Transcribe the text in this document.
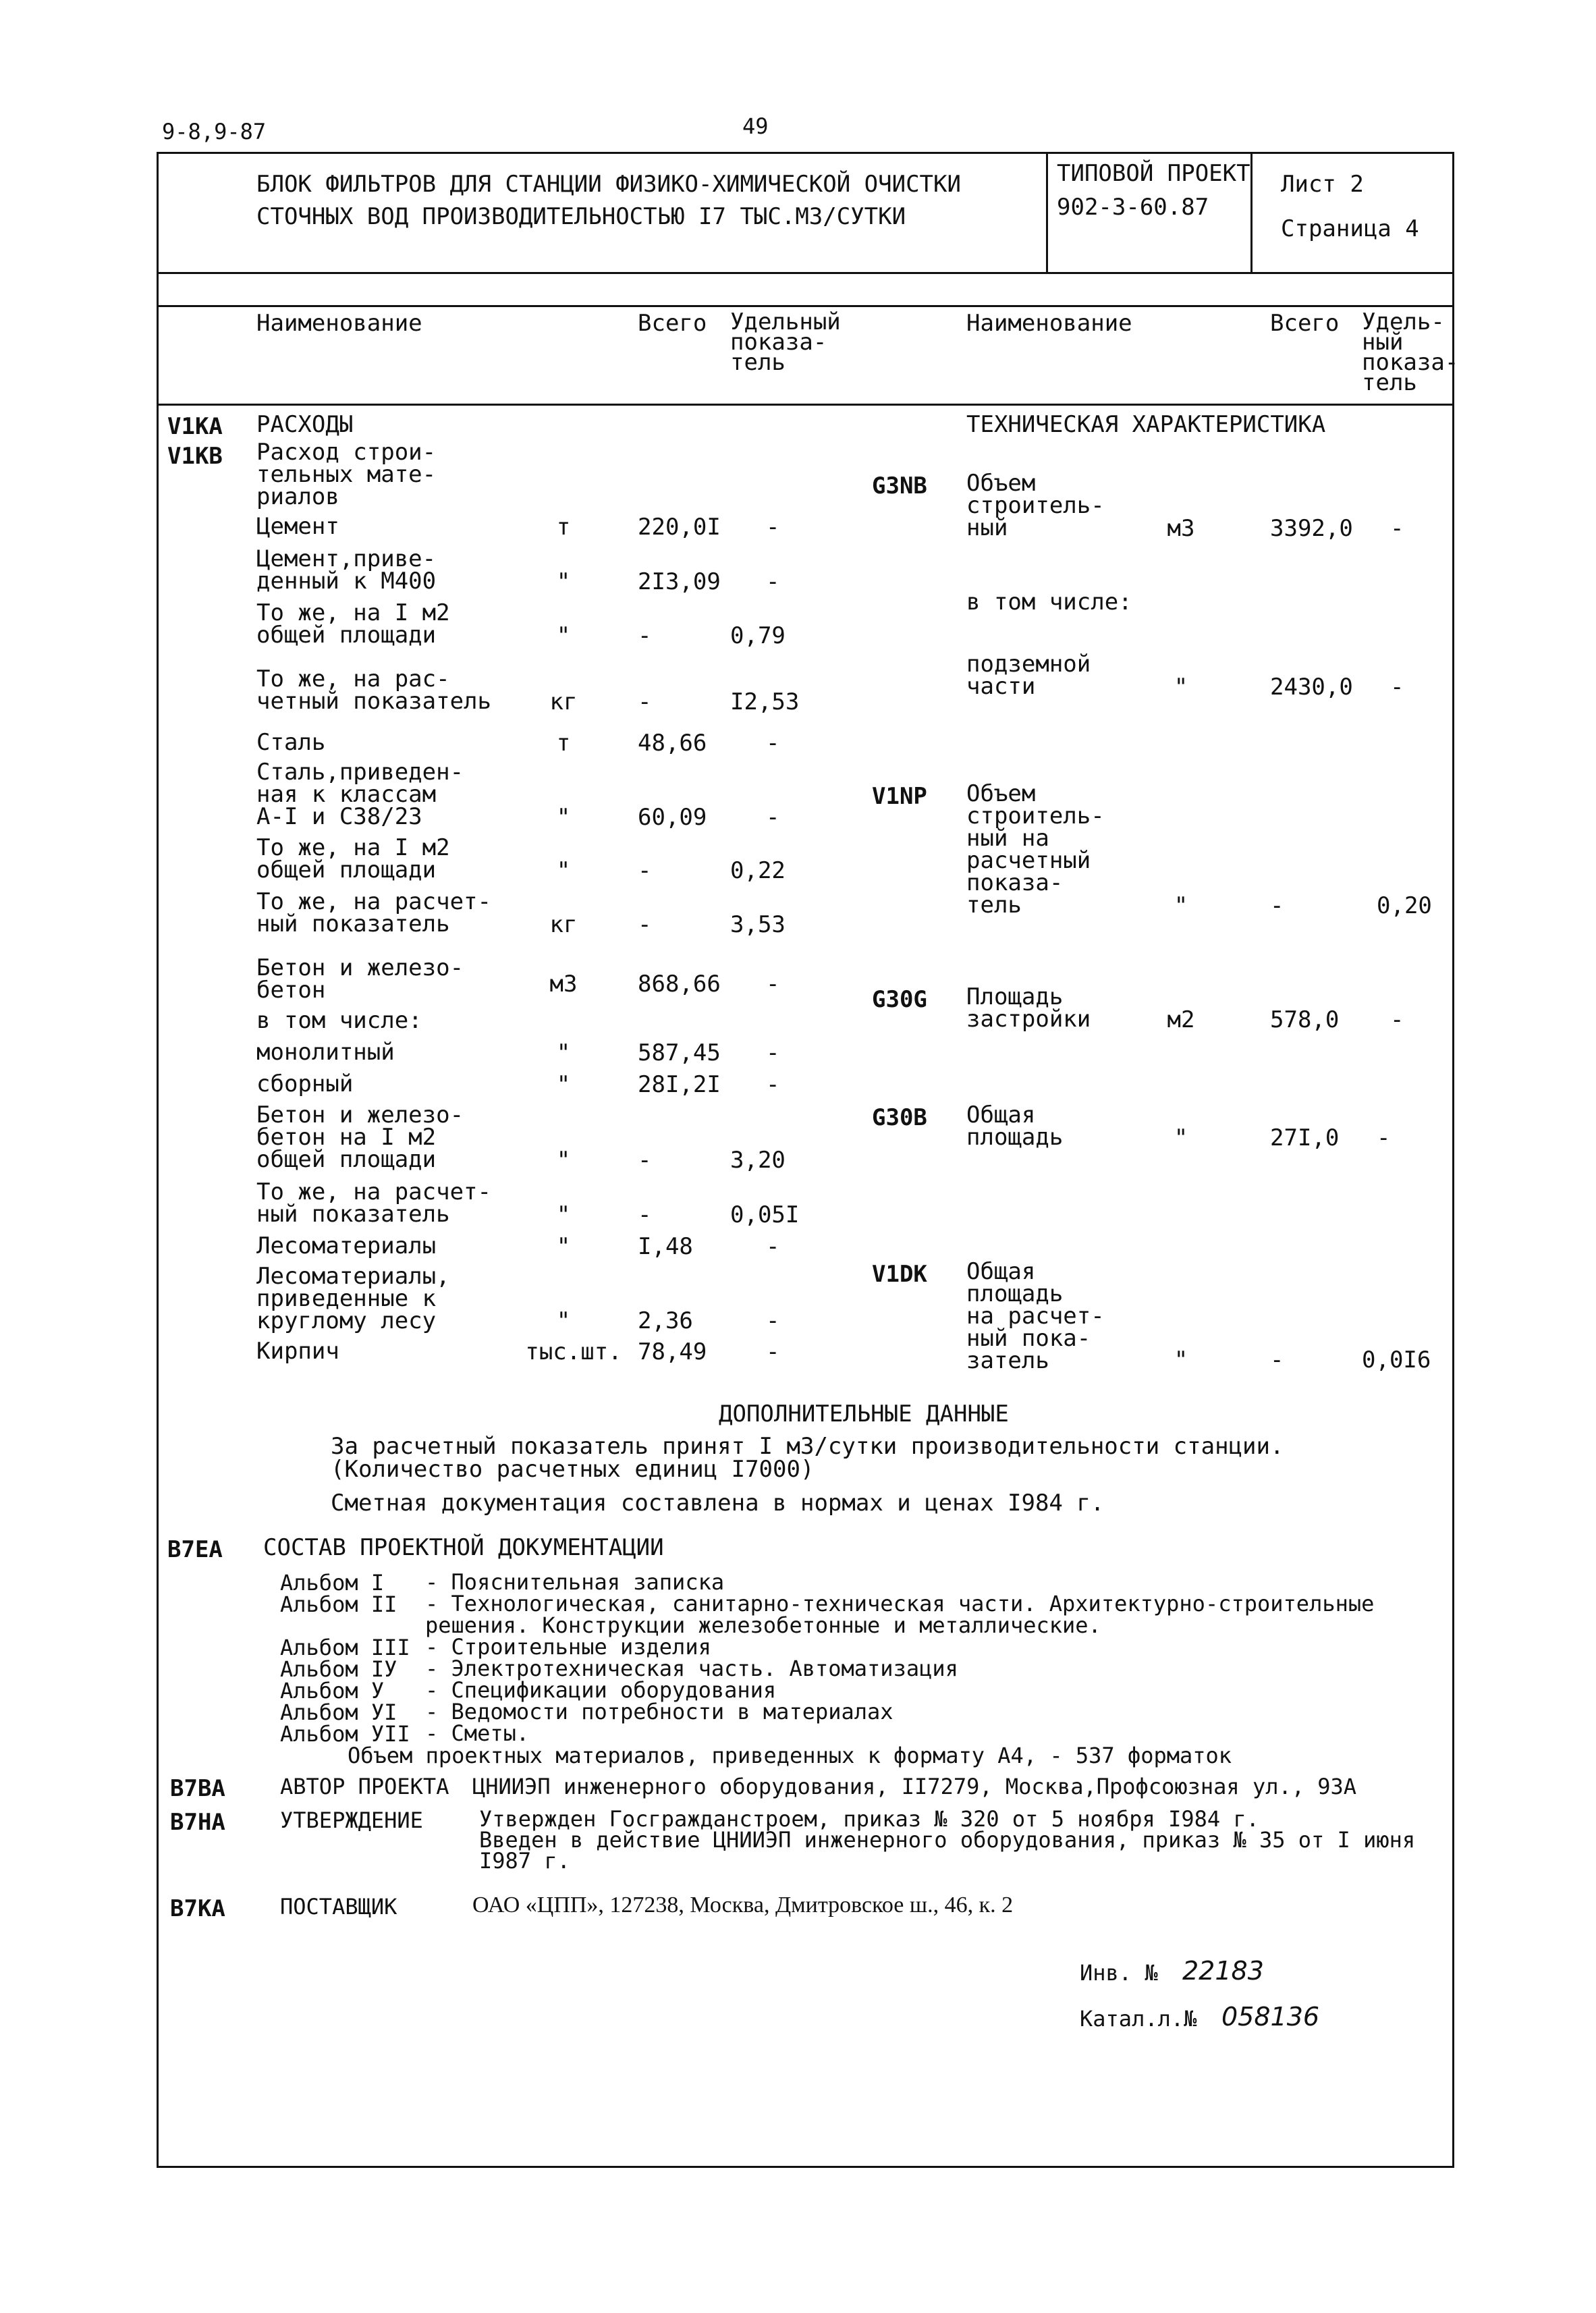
9-8,9-87	49
БЛОК ФИЛЬТРОВ ДЛЯ СТАНЦИИ ФИЗИКО-ХИМИЧЕСКОЙ ОЧИСТКИ
СТОЧНЫХ ВОД ПРОИЗВОДИТЕЛЬНОСТЬЮ I7 ТЫС.М3/СУТКИ
ТИПОВОЙ ПРОЕКТ
902-3-60.87
Лист 2
Страница 4
Наименование	Всего Удельный
показа-
тель
Наименование	Всего Удель-
ный
показа-
тель
V1KA
V1KB
РАСХОДЫ
Расход строи-
тельных мате-
риалов
Цемент	т	220,0I -
Цемент,приве-
денный к М400	"	2I3,09 -
То же, на I м2
общей площади	"	-	0,79
То же, на рас-
четный показатель	кг	-	I2,53
Сталь	т	48,66	-
Сталь,приведен-
ная к классам
А-I и С38/23	"	60,09	-
То же, на I м2
общей площади	"	-	0,22
То же, на расчет-
ный показатель	кг	-	3,53
Бетон и железо-
бетон	м3	868,66 -
в том числе:
монолитный	"	587,45 -
сборный	"	28I,2I -
Бетон и железо-
бетон на I м2
общей площади	"	-	3,20
То же, на расчет-
ный показатель	"	-	0,05I
Лесоматериалы	"	I,48	-
Лесоматериалы,
приведенные к
круглому лесу	"	2,36	-
Кирпич	тыс.шт. 78,49	-
ТЕХНИЧЕСКАЯ ХАРАКТЕРИСТИКА
G3NB Объем
строитель-
ный	м3	3392,0 -
в том числе:
подземной
части	"	2430,0 -
V1NP Объем
строитель-
ный на
расчетный
показа-
тель	"	-	0,20
G30G Площадь
застройки	м2	578,0 -
G30B Общая
площадь	"	27I,0 -
V1DK Общая
площадь
на расчет-
ный пока-
затель	"	-	0,0I6
ДОПОЛНИТЕЛЬНЫЕ ДАННЫЕ
За расчетный показатель принят I м3/сутки производительности станции.
(Количество расчетных единиц I7000)
Сметная документация составлена в нормах и ценах I984 г.
B7EA СОСТАВ ПРОЕКТНОЙ ДОКУМЕНТАЦИИ
Альбом I - Пояснительная записка
Альбом II - Технологическая, санитарно-техническая части. Архитектурно-строительные
решения. Конструкции железобетонные и металлические.
Альбом III - Строительные изделия
Альбом IУ - Электротехническая часть. Автоматизация
Альбом У - Спецификации оборудования
Альбом УI - Ведомости потребности в материалах
Альбом УII - Сметы.
Объем проектных материалов, приведенных к формату А4, - 537 форматок
B7BA	АВТОР ПРОЕКТА ЦНИИЭП инженерного оборудования, II7279, Москва,Профсоюзная ул., 93А
B7HA	УТВЕРЖДЕНИЕ	Утвержден Госгражданстроем, приказ № 320 от 5 ноября I984 г.
Введен в действие ЦНИИЭП инженерного оборудования, приказ № 35 от I июня
I987 г.
B7KA	ПОСТАВЩИК	ОАО «ЦПП», 127238, Москва, Дмитровское ш., 46, к. 2
Инв. № 22183
Катал.л.№ 058136
